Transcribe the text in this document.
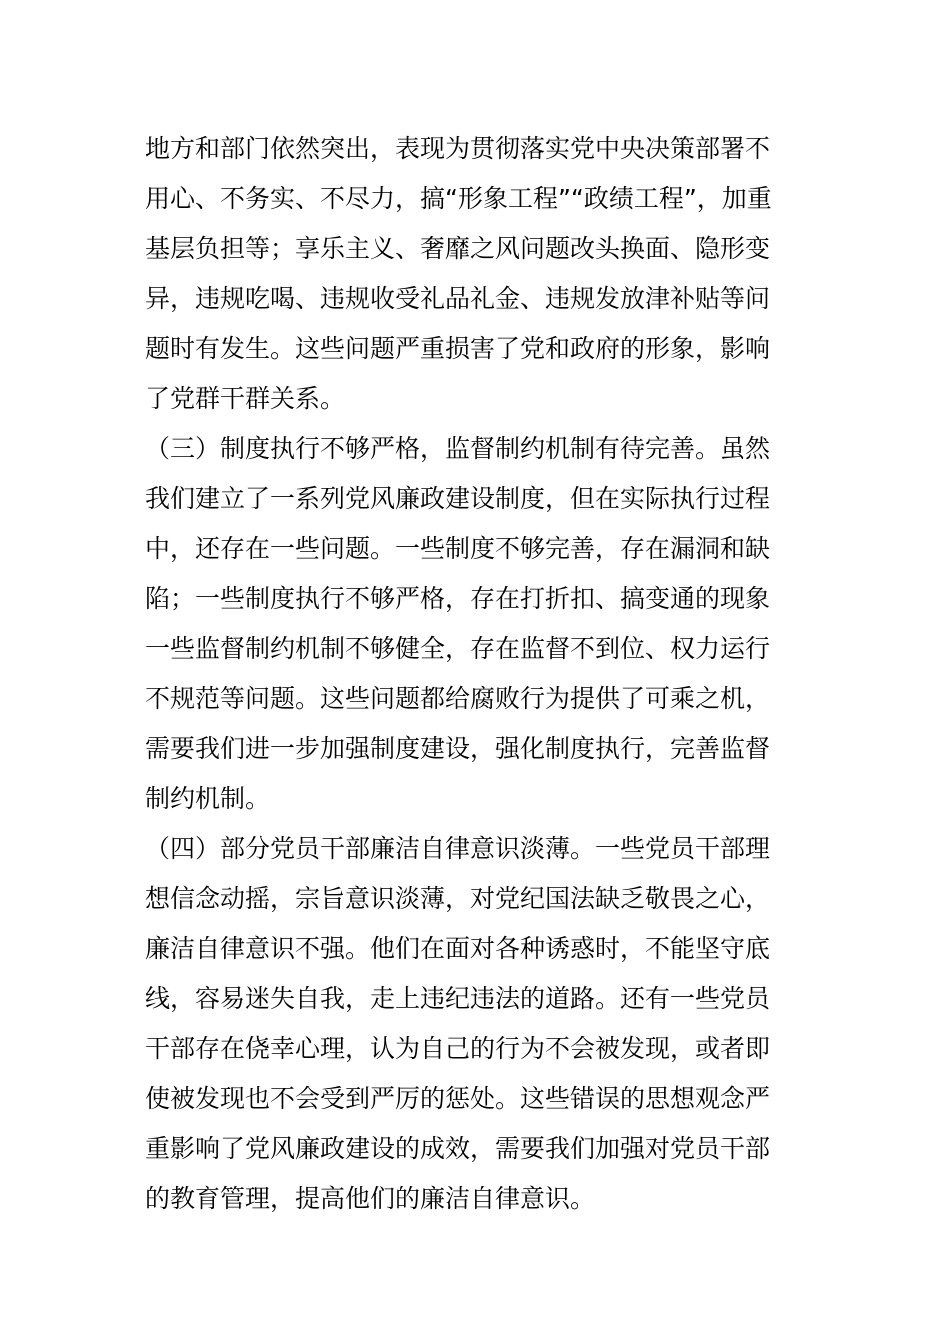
地方和部门依然突出，表现为贯彻落实党中央决策部署不
用心、不务实、不尽力，搞“形象工程”“政绩工程”，加重
基层负担等；享乐主义、奢靡之风问题改头换面、隐形变
异，违规吃喝、违规收受礼品礼金、违规发放津补贴等问
题时有发生。这些问题严重损害了党和政府的形象，影响
了党群干群关系。
（三）制度执行不够严格，监督制约机制有待完善。虽然
我们建立了一系列党风廉政建设制度，但在实际执行过程
中，还存在一些问题。一些制度不够完善，存在漏洞和缺
陷；一些制度执行不够严格，存在打折扣、搞变通的现象
一些监督制约机制不够健全，存在监督不到位、权力运行
不规范等问题。这些问题都给腐败行为提供了可乘之机，
需要我们进一步加强制度建设，强化制度执行，完善监督
制约机制。
（四）部分党员干部廉洁自律意识淡薄。一些党员干部理
想信念动摇，宗旨意识淡薄，对党纪国法缺乏敬畏之心，
廉洁自律意识不强。他们在面对各种诱惑时，不能坚守底
线，容易迷失自我，走上违纪违法的道路。还有一些党员
干部存在侥幸心理，认为自己的行为不会被发现，或者即
使被发现也不会受到严厉的惩处。这些错误的思想观念严
重影响了党风廉政建设的成效，需要我们加强对党员干部
的教育管理，提高他们的廉洁自律意识。
